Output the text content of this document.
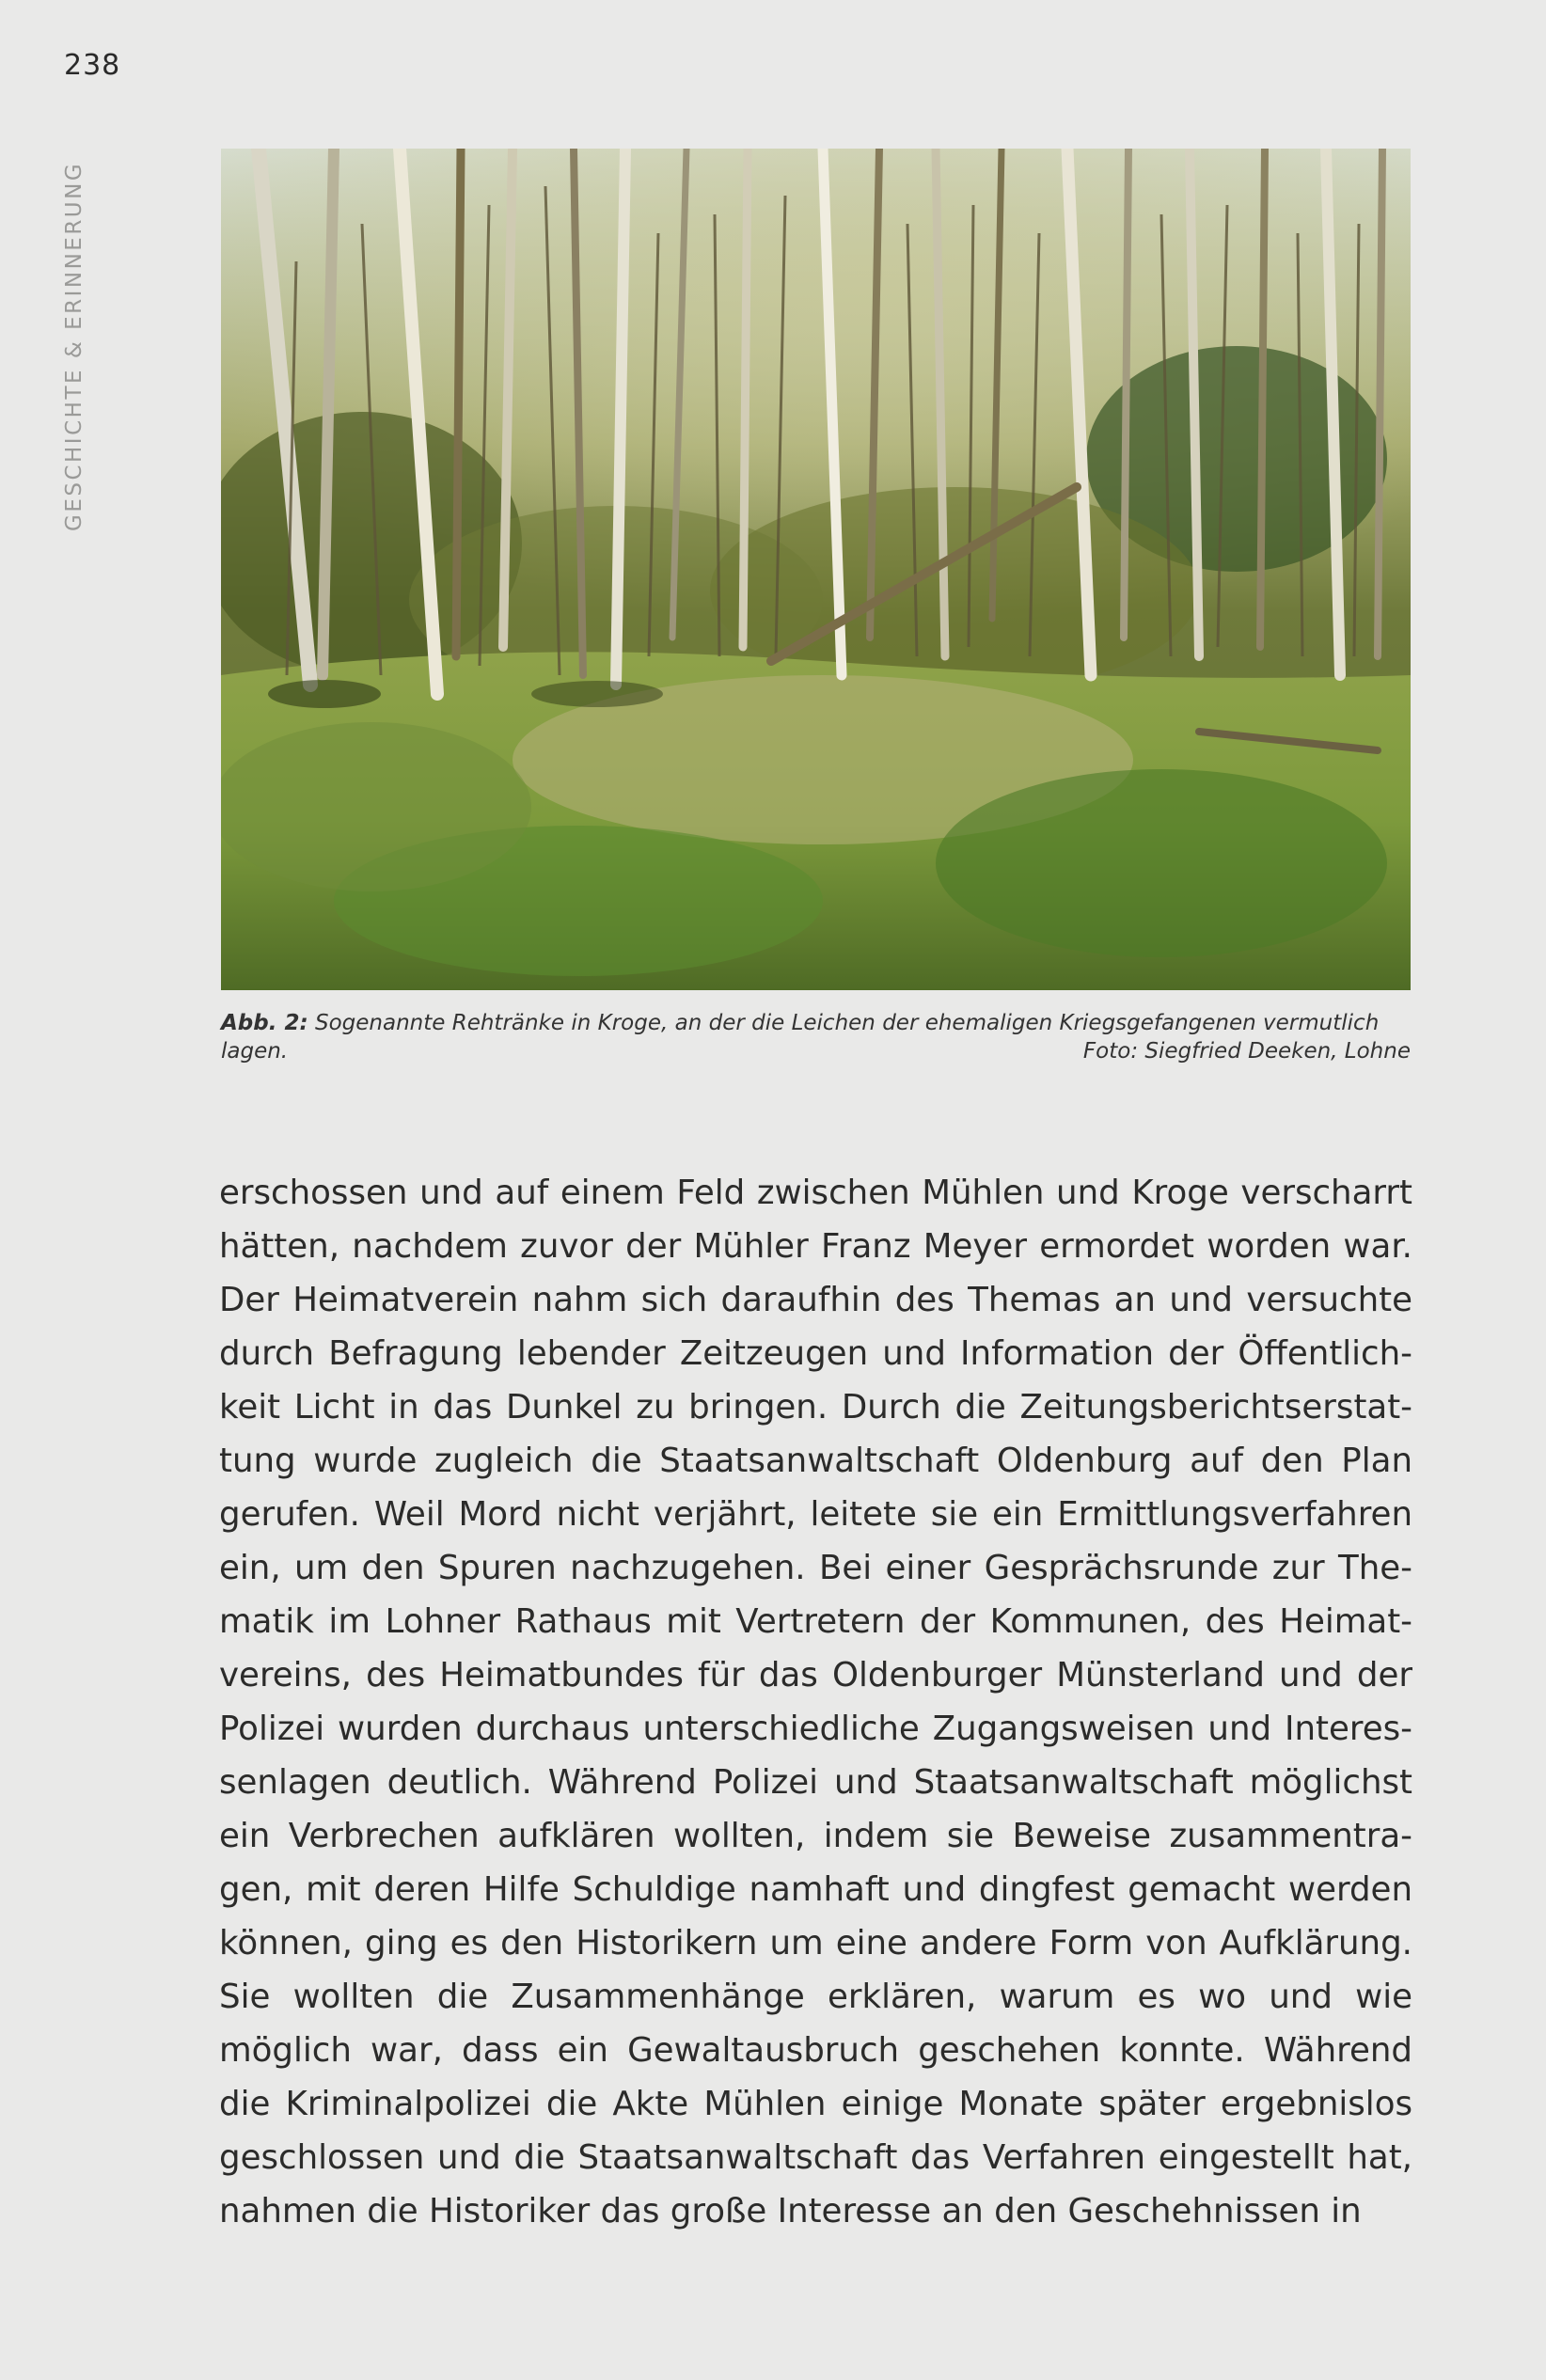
238
GESCHICHTE & ERINNERUNG
Abb. 2: Sogenannte Rehtränke in Kroge, an der die Leichen der ehemaligen Kriegsgefangenen vermutlich lagen.	Foto: Siegfried Deeken, Lohne
erschossen und auf einem Feld zwischen Mühlen und Kroge verscharrt hätten, nachdem zuvor der Mühler Franz Meyer ermordet worden war. Der Heimatverein nahm sich daraufhin des Themas an und versuchte durch Befragung lebender Zeitzeugen und Information der Öffentlichkeit Licht in das Dunkel zu bringen. Durch die Zeitungsberichtserstattung wurde zugleich die Staatsanwaltschaft Oldenburg auf den Plan gerufen. Weil Mord nicht verjährt, leitete sie ein Ermittlungsverfahren ein, um den Spuren nachzugehen. Bei einer Gesprächsrunde zur Thematik im Lohner Rathaus mit Vertretern der Kommunen, des Heimatvereins, des Heimatbundes für das Oldenburger Münsterland und der Polizei wurden durchaus unterschiedliche Zugangsweisen und Interessenlagen deutlich. Während Polizei und Staatsanwaltschaft möglichst ein Verbrechen aufklären wollten, indem sie Beweise zusammentragen, mit deren Hilfe Schuldige namhaft und dingfest gemacht werden können, ging es den Historikern um eine andere Form von Aufklärung. Sie wollten die Zusammenhänge erklären, warum es wo und wie möglich war, dass ein Gewaltausbruch geschehen konnte. Während die Kriminalpolizei die Akte Mühlen einige Monate später ergebnislos geschlossen und die Staatsanwaltschaft das Verfahren eingestellt hat, nahmen die Historiker das große Interesse an den Geschehnissen in
